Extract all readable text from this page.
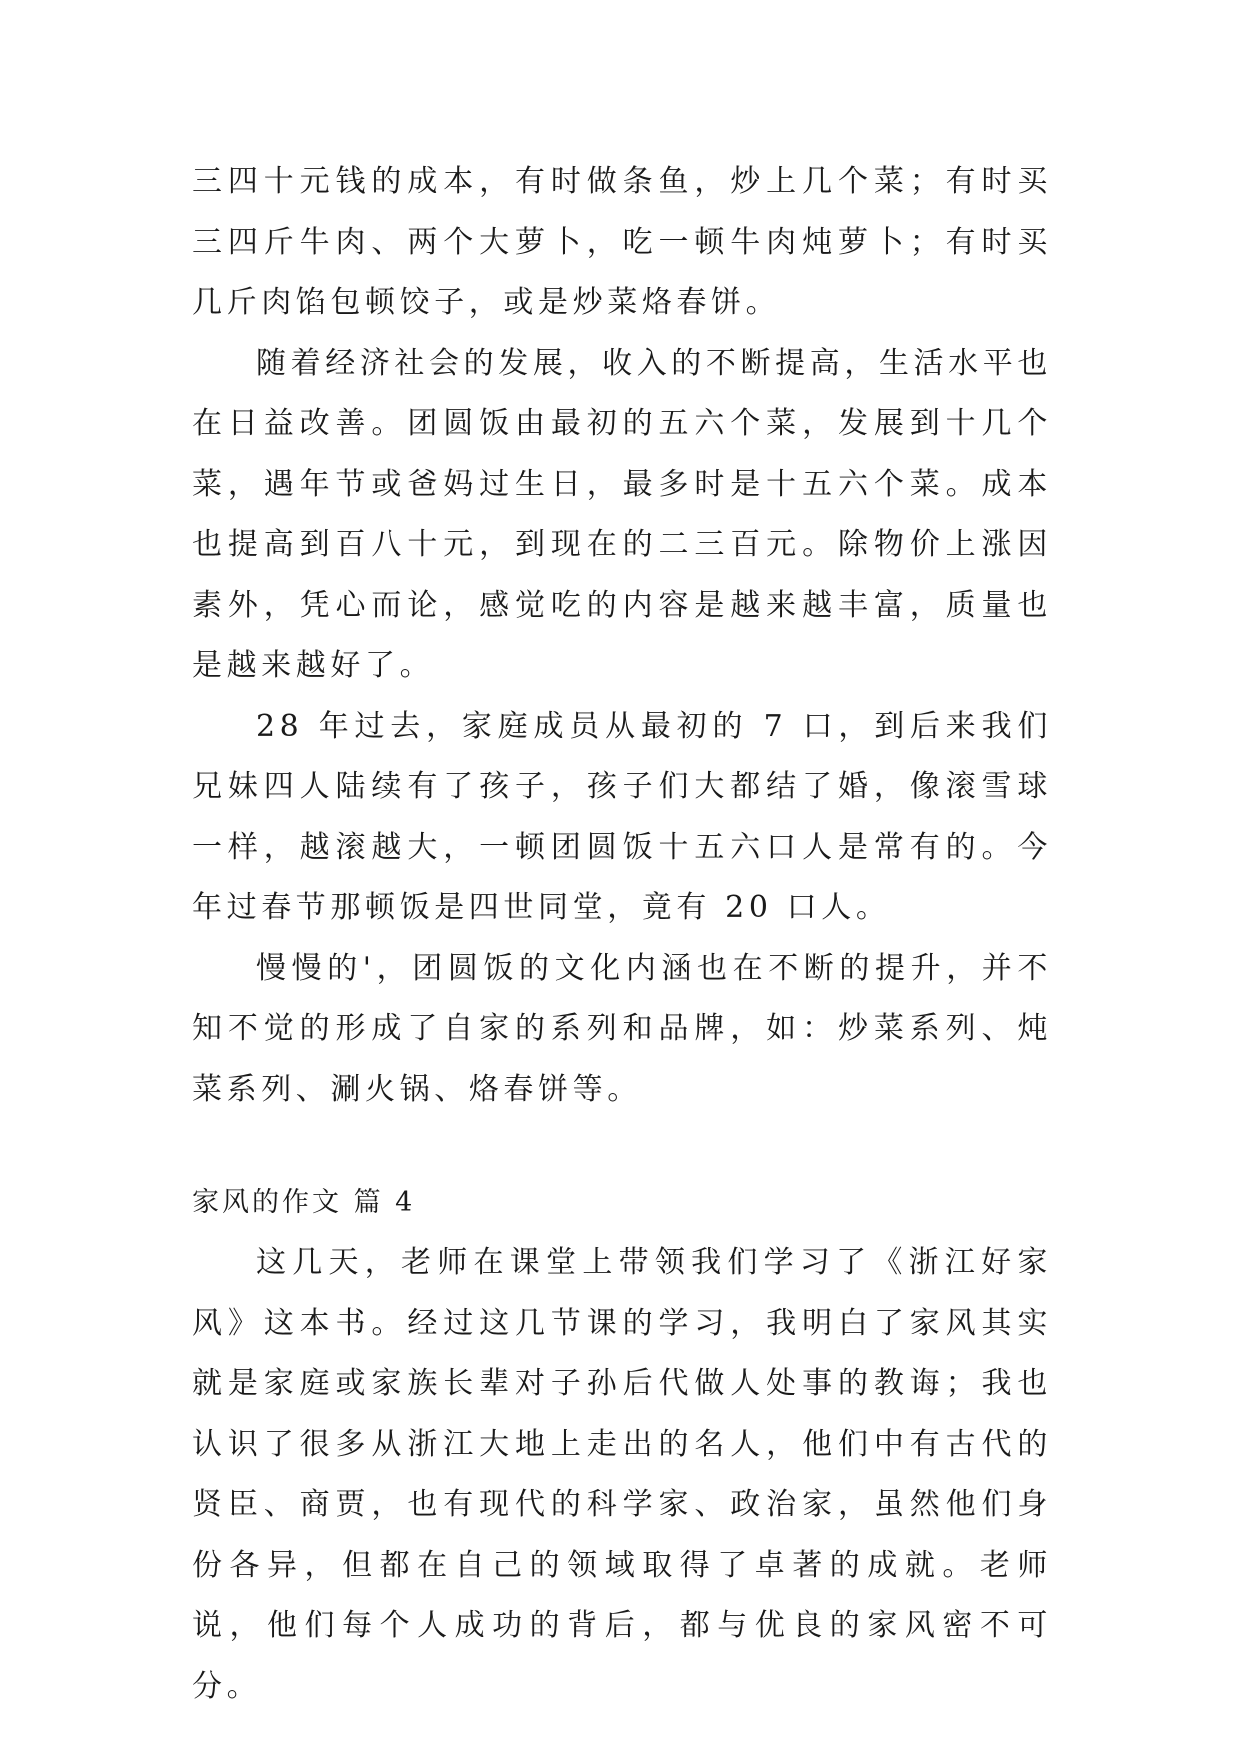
三四十元钱的成本，有时做条鱼，炒上几个菜；有时买三四斤牛肉、两个大萝卜，吃一顿牛肉炖萝卜；有时买几斤肉馅包顿饺子，或是炒菜烙春饼。

随着经济社会的发展，收入的不断提高，生活水平也在日益改善。团圆饭由最初的五六个菜，发展到十几个菜，遇年节或爸妈过生日，最多时是十五六个菜。成本也提高到百八十元，到现在的二三百元。除物价上涨因素外，凭心而论，感觉吃的内容是越来越丰富，质量也是越来越好了。

28 年过去，家庭成员从最初的 7 口，到后来我们兄妹四人陆续有了孩子，孩子们大都结了婚，像滚雪球一样，越滚越大，一顿团圆饭十五六口人是常有的。今年过春节那顿饭是四世同堂，竟有 20 口人。

慢慢的'，团圆饭的文化内涵也在不断的提升，并不知不觉的形成了自家的系列和品牌，如：炒菜系列、炖菜系列、涮火锅、烙春饼等。

家风的作文 篇 4

这几天，老师在课堂上带领我们学习了《浙江好家风》这本书。经过这几节课的学习，我明白了家风其实就是家庭或家族长辈对子孙后代做人处事的教诲；我也认识了很多从浙江大地上走出的名人，他们中有古代的贤臣、商贾，也有现代的科学家、政治家，虽然他们身份各异，但都在自己的领域取得了卓著的成就。老师说，他们每个人成功的背后，都与优良的家风密不可分。
